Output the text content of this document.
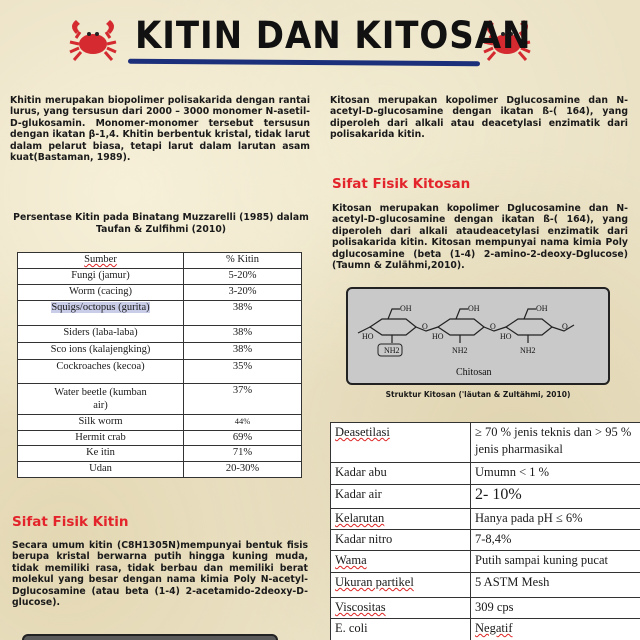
KITIN DAN KITOSAN

Khitin merupakan biopolimer polisakarida dengan rantai lurus, yang tersusun dari 2000 – 3000 monomer N-asetil-D-glukosamin. Monomer-monomer tersebut tersusun dengan ikatan β-1,4. Khitin berbentuk kristal, tidak larut dalam pelarut biasa, tetapi larut dalam larutan asam kuat(Bastaman, 1989).

Kitosan merupakan kopolimer Dglucosamine dan N-acetyl-D-glucosamine dengan ikatan ß-( 164), yang diperoleh dari alkali atau deacetylasi enzimatik dari polisakarida kitin.

Persentase Kitin pada Binatang Muzzarelli (1985) dalam Taufan & Zulfihmi (2010)

Sumber	% Kitin
Fungi (jamur)	5-20%
Worm (cacing)	3-20%
Squigs/octopus (gurita)	38%
Siders (laba-laba)	38%
Sco ions (kalajengking)	38%
Cockroaches (kecoa)	35%
Water beetle (kumban air)	37%
Silk worm	44%
Hermit crab	69%
Ke itin	71%
Udan	20-30%
Sifat Fisik Kitin

Secara umum kitin (C8H1305N)mempunyai bentuk fisis berupa kristal berwarna putih hingga kuning muda, tidak memiliki rasa, tidak berbau dan memiliki berat molekul yang besar dengan nama kimia Poly N-acetyl-Dglucosamine (atau beta (1-4) 2-acetamido-2deoxy-D-glucose).

Sifat Fisik Kitosan

Kitosan merupakan kopolimer Dglucosamine dan N-acetyl-D-glucosamine dengan ikatan ß-( 164), yang diperoleh dari alkali ataudeacetylasi enzimatik dari polisakarida kitin. Kitosan mempunyai nama kimia Poly dglucosamine (beta (1-4) 2-amino-2-deoxy-Dglucose) (Taumn & Zulähmi,2010).

OH	OH	OH
HO	HO	HO
NH2	NH2	NH2
O	O	O
Chitosan

Struktur Kitosan ('läutan & Zultähmi, 2010)

Deasetilasi	≥ 70 % jenis teknis dan > 95 % jenis pharmasikal
Kadar abu	Umumn < 1 %
Kadar air	2- 10%
Kelarutan	Hanya pada pH ≤ 6%
Kadar nitro	7-8,4%
Wama	Putih sampai kuning pucat
Ukuran partikel	5 ASTM Mesh
Viscositas	309 cps
E. coli	Negatif
